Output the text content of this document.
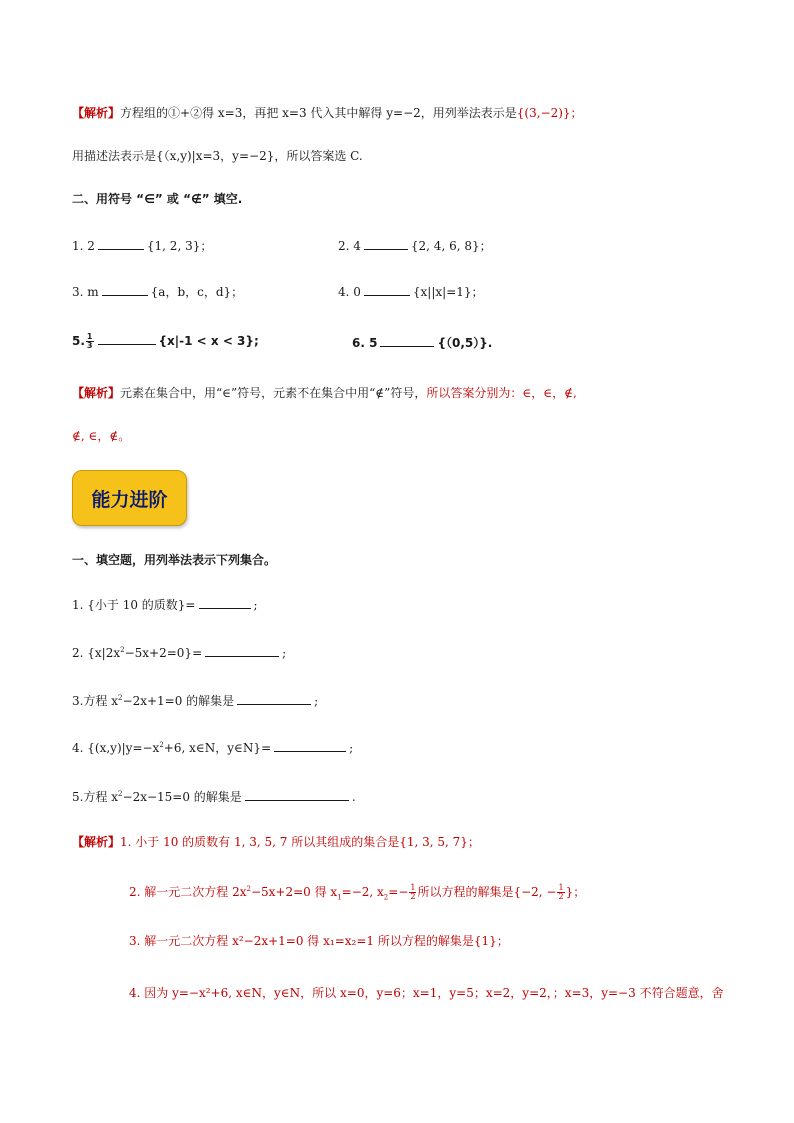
【解析】方程组的①+②得 x=3，再把 x=3 代入其中解得 y=−2，用列举法表示是{(3,−2)}；
用描述法表示是{（x,y)|x=3，y=−2}，所以答案选 C.
二、用符号 “∈” 或 “∉” 填空.
1. 2	{1, 2, 3}；	2. 4	{2, 4, 6, 8}；
3. m	{a，b，c，d}；	4. 0	{x||x|=1}；
5. $\frac{1}{3}$	{x|-1 < x < 3};	6. 5	{（0,5）}.
【解析】元素在集合中，用“∈”符号，元素不在集合中用“∉”符号，所以答案分别为：∈，∈，∉,
∉, ∈，∉。
能力进阶
一、填空题，用列举法表示下列集合。
1. {小于 10 的质数}=	;
2. $\{x|2x^2-5x+2=0\}=$	;
3.方程 $x^2-2x+1=0$ 的解集是	;
4. {$(x,y)|y=-x^2+6$, x∈N，y∈N}=	;
5.方程 $x^2-2x-15=0$ 的解集是	.
【解析】1. 小于 10 的质数有 1, 3, 5, 7 所以其组成的集合是{1, 3, 5, 7}；
2. 解一元二次方程 $2x^2-5x+2=0$ 得 $x_1=-2$, $x_2=- \frac{1}{2}$ 所以方程的解集是{−2, − $\frac{1}{2}$ }；
3. 解一元二次方程 x²−2x+1=0 得 x₁=x₂=1 所以方程的解集是{1}；
4. 因为 y=−x²+6, x∈N，y∈N，所以 x=0，y=6；x=1，y=5；x=2，y=2，；x=3，y=−3 不符合题意，舍
